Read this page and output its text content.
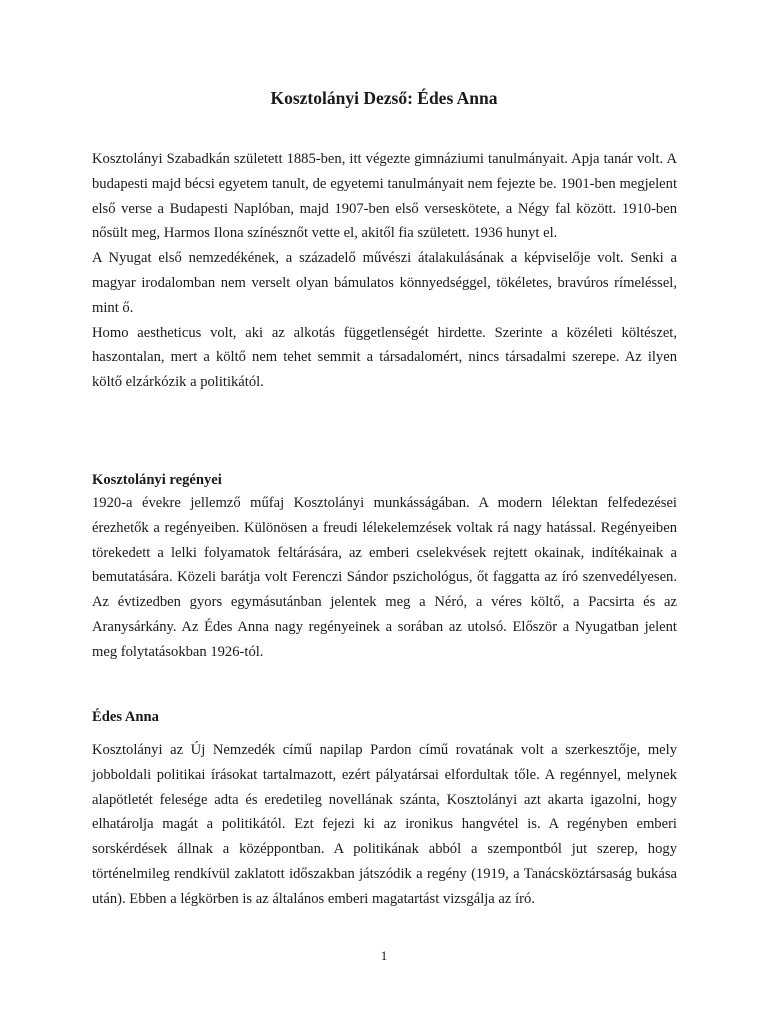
Kosztolányi Dezső: Édes Anna

Kosztolányi Szabadkán született 1885-ben, itt végezte gimnáziumi tanulmányait. Apja tanár volt. A budapesti majd bécsi egyetem tanult, de egyetemi tanulmányait nem fejezte be. 1901-ben megjelent első verse a Budapesti Naplóban, majd 1907-ben első verseskötete, a Négy fal között. 1910-ben nősült meg, Harmos Ilona színésznőt vette el, akitől fia született. 1936 hunyt el.

A Nyugat első nemzedékének, a századelő művészi átalakulásának a képviselője volt. Senki a magyar irodalomban nem verselt olyan bámulatos könnyedséggel, tökéletes, bravúros rímeléssel, mint ő.

Homo aestheticus volt, aki az alkotás függetlenségét hirdette. Szerinte a közéleti költészet, haszontalan, mert a költő nem tehet semmit a társadalomért, nincs társadalmi szerepe. Az ilyen költő elzárkózik a politikától.

Kosztolányi regényei

1920-a évekre jellemző műfaj Kosztolányi munkásságában. A modern lélektan felfedezései érezhetők a regényeiben. Különösen a freudi lélekelemzések voltak rá nagy hatással. Regényeiben törekedett a lelki folyamatok feltárására, az emberi cselekvések rejtett okainak, indítékainak a bemutatására. Közeli barátja volt Ferenczi Sándor pszichológus, őt faggatta az író szenvedélyesen. Az évtizedben gyors egymásutánban jelentek meg a Néró, a véres költő, a Pacsirta és az Aranysárkány. Az Édes Anna nagy regényeinek a sorában az utolsó. Először a Nyugatban jelent meg folytatásokban 1926-tól.

Édes Anna

Kosztolányi az Új Nemzedék című napilap Pardon című rovatának volt a szerkesztője, mely jobboldali politikai írásokat tartalmazott, ezért pályatársai elfordultak tőle. A regénnyel, melynek alapötletét felesége adta és eredetileg novellának szánta, Kosztolányi azt akarta igazolni, hogy elhatárolja magát a politikától. Ezt fejezi ki az ironikus hangvétel is. A regényben emberi sorskérdések állnak a középpontban. A politikának abból a szempontból jut szerep, hogy történelmileg rendkívül zaklatott időszakban játszódik a regény (1919, a Tanácsköztársaság bukása után). Ebben a légkörben is az általános emberi magatartást vizsgálja az író.

1
